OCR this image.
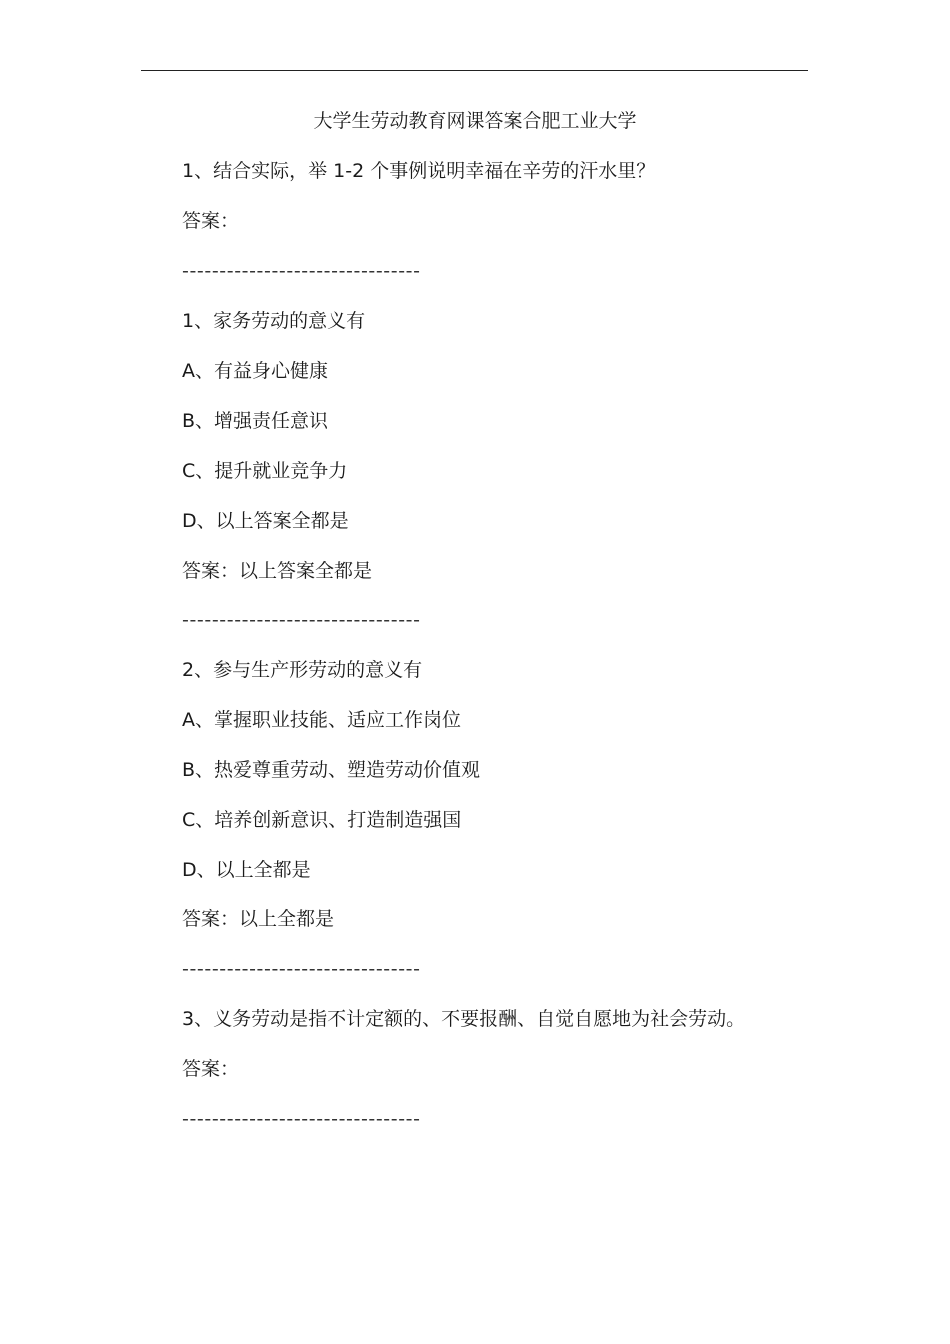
大学生劳动教育网课答案合肥工业大学
1、结合实际，举 1-2 个事例说明幸福在辛劳的汗水里？
答案：
--------------------------------
1、家务劳动的意义有
A、有益身心健康
B、增强责任意识
C、提升就业竞争力
D、以上答案全都是
答案：以上答案全都是
--------------------------------
2、参与生产形劳动的意义有
A、掌握职业技能、适应工作岗位
B、热爱尊重劳动、塑造劳动价值观
C、培养创新意识、打造制造强国
D、以上全都是
答案：以上全都是
--------------------------------
3、义务劳动是指不计定额的、不要报酬、自觉自愿地为社会劳动。
答案：
--------------------------------
